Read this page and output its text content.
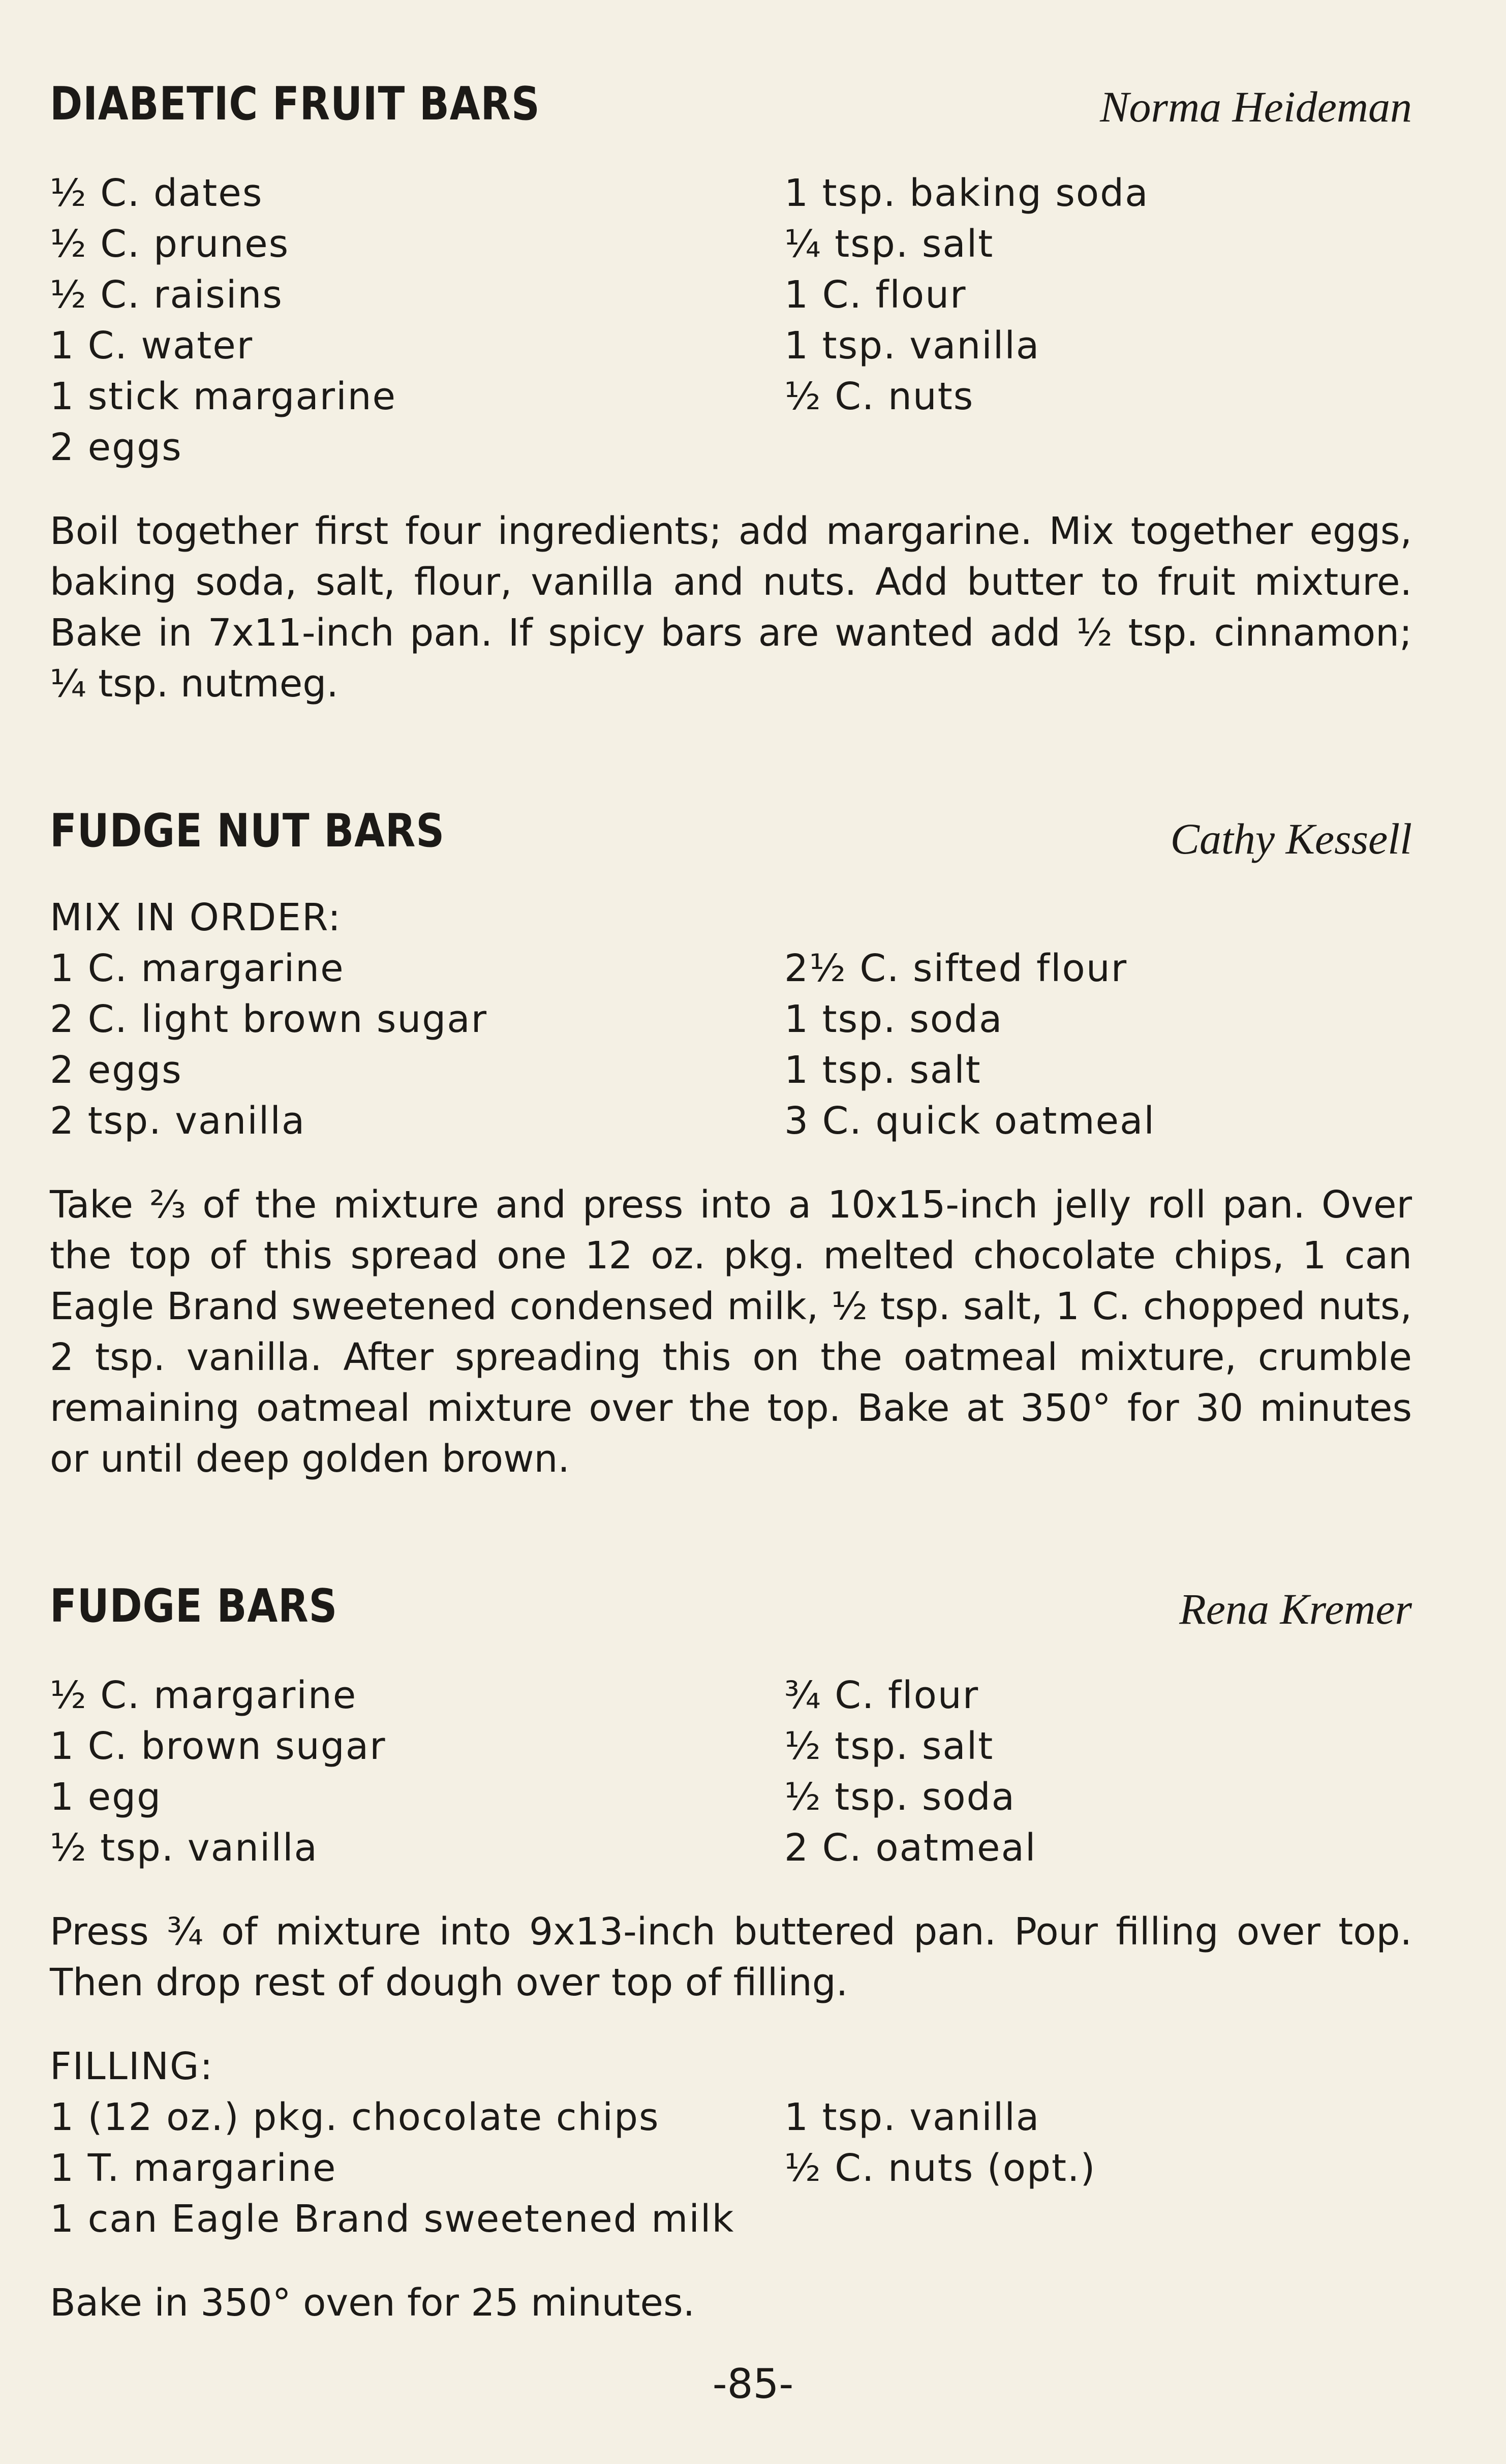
DIABETIC FRUIT BARS	Norma Heideman
½ C. dates
½ C. prunes
½ C. raisins
1 C. water
1 stick margarine
2 eggs
1 tsp. baking soda
¼ tsp. salt
1 C. flour
1 tsp. vanilla
½ C. nuts

Boil together first four ingredients; add margarine. Mix together eggs, baking soda, salt, flour, vanilla and nuts. Add butter to fruit mixture. Bake in 7x11-inch pan. If spicy bars are wanted add ½ tsp. cinnamon; ¼ tsp. nutmeg.

FUDGE NUT BARS	Cathy Kessell
MIX IN ORDER:
1 C. margarine
2 C. light brown sugar
2 eggs
2 tsp. vanilla
2½ C. sifted flour
1 tsp. soda
1 tsp. salt
3 C. quick oatmeal

Take ⅔ of the mixture and press into a 10x15-inch jelly roll pan. Over the top of this spread one 12 oz. pkg. melted chocolate chips, 1 can Eagle Brand sweetened condensed milk, ½ tsp. salt, 1 C. chopped nuts, 2 tsp. vanilla. After spreading this on the oatmeal mixture, crumble remaining oatmeal mixture over the top. Bake at 350° for 30 minutes or until deep golden brown.

FUDGE BARS	Rena Kremer
½ C. margarine
1 C. brown sugar
1 egg
½ tsp. vanilla
¾ C. flour
½ tsp. salt
½ tsp. soda
2 C. oatmeal

Press ¾ of mixture into 9x13-inch buttered pan. Pour filling over top. Then drop rest of dough over top of filling.

FILLING:
1 (12 oz.) pkg. chocolate chips
1 T. margarine
1 can Eagle Brand sweetened milk
1 tsp. vanilla
½ C. nuts (opt.)

Bake in 350° oven for 25 minutes.

-85-
